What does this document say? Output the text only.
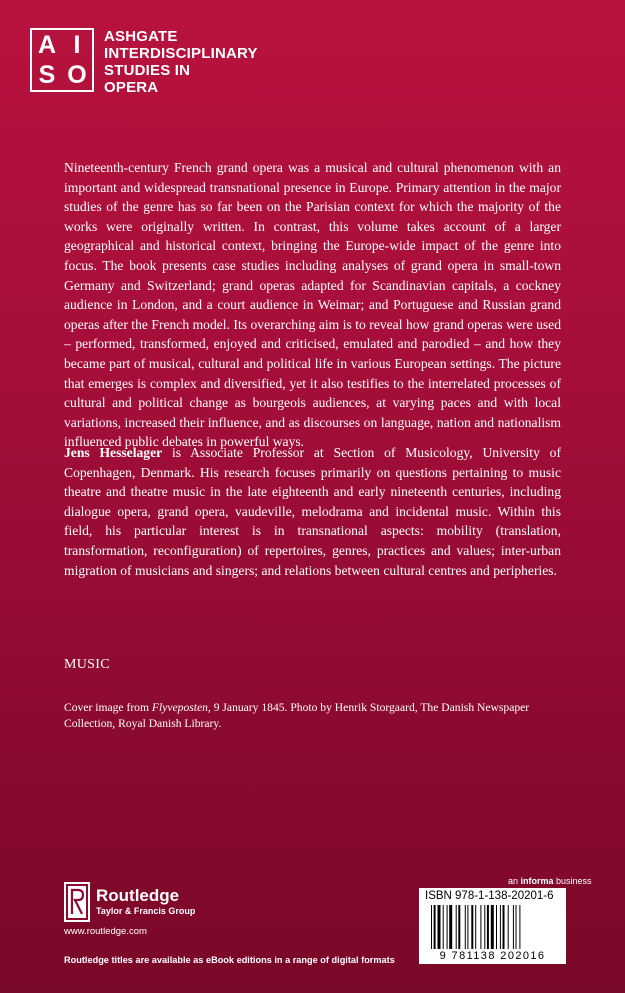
A I
S O
ASHGATE
INTERDISCIPLINARY
STUDIES IN
OPERA

Nineteenth-century French grand opera was a musical and cultural phenomenon with an important and widespread transnational presence in Europe. Primary attention in the major studies of the genre has so far been on the Parisian context for which the majority of the works were originally written. In contrast, this volume takes account of a larger geographical and historical context, bringing the Europe-wide impact of the genre into focus. The book presents case studies including analyses of grand opera in small-town Germany and Switzerland; grand operas adapted for Scandinavian capitals, a cockney audience in London, and a court audience in Weimar; and Portuguese and Russian grand operas after the French model. Its overarching aim is to reveal how grand operas were used – performed, transformed, enjoyed and criticised, emulated and parodied – and how they became part of musical, cultural and political life in various European settings. The picture that emerges is complex and diversified, yet it also testifies to the interrelated processes of cultural and political change as bourgeois audiences, at varying paces and with local variations, increased their influence, and as discourses on language, nation and nationalism influenced public debates in powerful ways.

Jens Hesselager is Associate Professor at Section of Musicology, University of Copenhagen, Denmark. His research focuses primarily on questions pertaining to music theatre and theatre music in the late eighteenth and early nineteenth centuries, including dialogue opera, grand opera, vaudeville, melodrama and incidental music. Within this field, his particular interest is in transnational aspects: mobility (translation, transformation, reconfiguration) of repertoires, genres, practices and values; inter-urban migration of musicians and singers; and relations between cultural centres and peripheries.

MUSIC

Cover image from Flyveposten, 9 January 1845. Photo by Henrik Storgaard, The Danish Newspaper Collection, Royal Danish Library.

Routledge
Taylor & Francis Group
www.routledge.com
Routledge titles are available as eBook editions in a range of digital formats
an informa business
ISBN 978-1-138-20201-6
9 781138 202016
